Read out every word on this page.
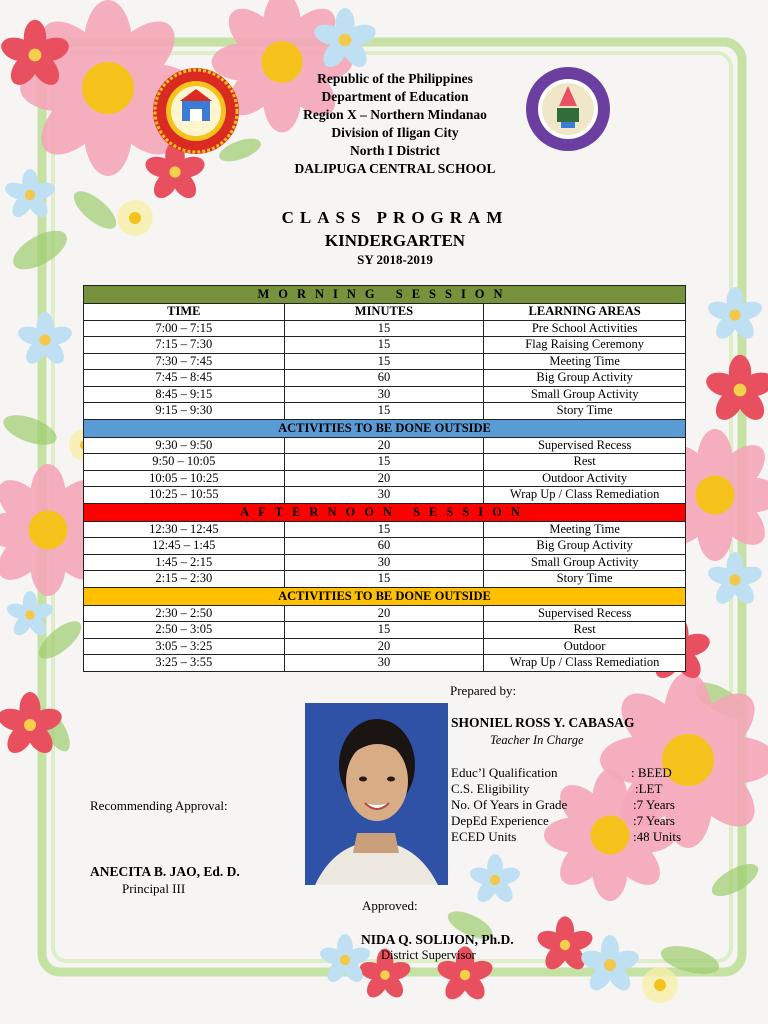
Republic of the Philippines
Department of Education
Region X – Northern Mindanao
Division of Iligan City
North I District
DALIPUGA CENTRAL SCHOOL
CLASS PROGRAM
KINDERGARTEN
SY 2018-2019
MORNING SESSION		
TIME	MINUTES	LEARNING AREAS
7:00 – 7:15	15	Pre School Activities
7:15 – 7:30	15	Flag Raising Ceremony
7:30 – 7:45	15	Meeting Time
7:45 – 8:45	60	Big Group Activity
8:45 – 9:15	30	Small Group Activity
9:15 – 9:30	15	Story Time
ACTIVITIES TO BE DONE OUTSIDE		
9:30 – 9:50	20	Supervised Recess
9:50 – 10:05	15	Rest
10:05 – 10:25	20	Outdoor Activity
10:25 – 10:55	30	Wrap Up / Class Remediation
AFTERNOON SESSION		
12:30 – 12:45	15	Meeting Time
12:45 – 1:45	60	Big Group Activity
1:45 – 2:15	30	Small Group Activity
2:15 – 2:30	15	Story Time
ACTIVITIES TO BE DONE OUTSIDE		
2:30 – 2:50	20	Supervised Recess
2:50 – 3:05	15	Rest
3:05 – 3:25	20	Outdoor
3:25 – 3:55	30	Wrap Up / Class Remediation
Prepared by:
SHONIEL ROSS Y. CABASAG
Teacher In Charge
Educ’l Qualification	: BEED
C.S. Eligibility	:LET
No. Of Years in Grade	:7 Years
DepEd Experience	:7 Years
ECED Units	:48 Units
Recommending Approval:
ANECITA B. JAO, Ed. D.
Principal III
Approved:
NIDA Q. SOLIJON, Ph.D.
District Supervisor
